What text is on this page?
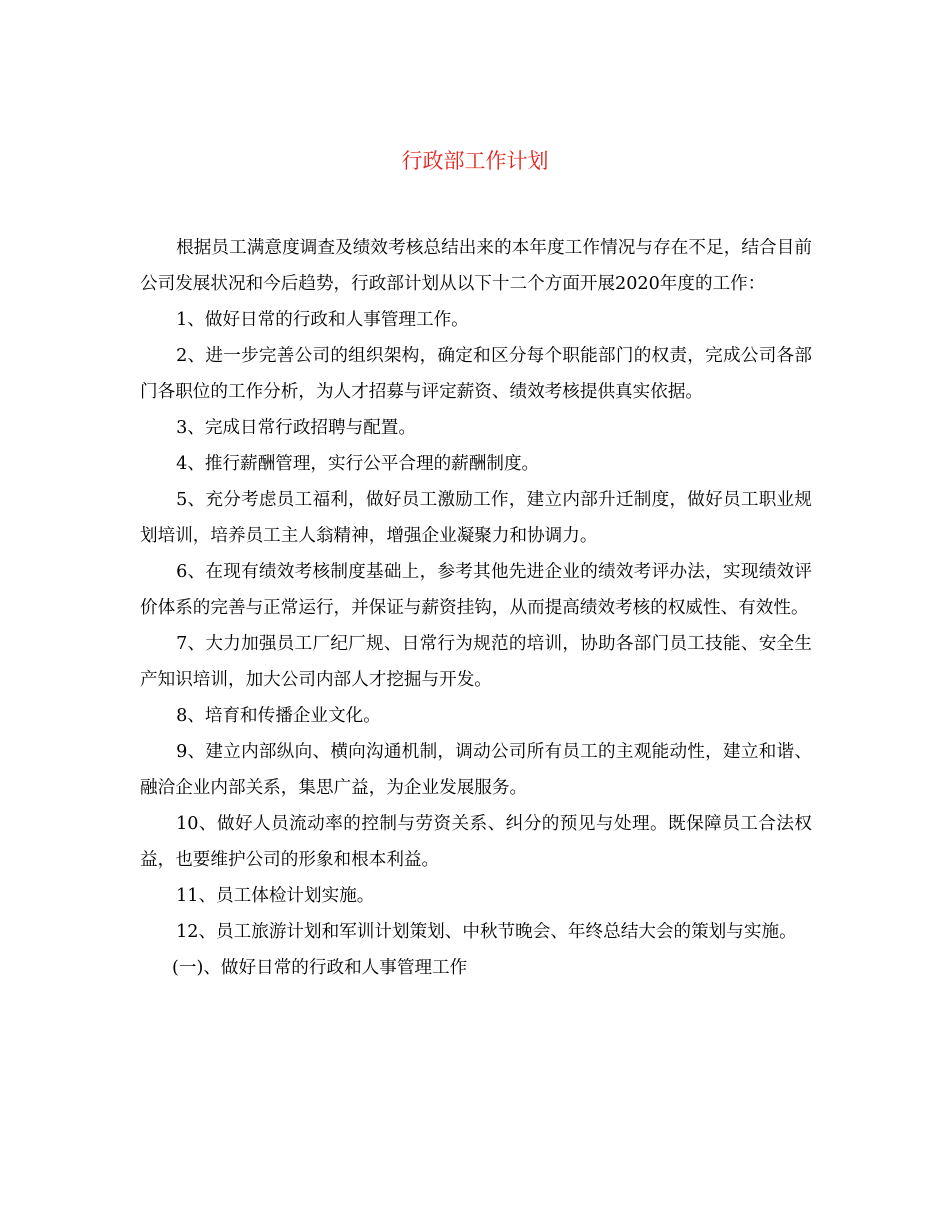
行政部工作计划

根据员工满意度调查及绩效考核总结出来的本年度工作情况与存在不足，结合目前公司发展状况和今后趋势，行政部计划从以下十二个方面开展2020年度的工作：

1、做好日常的行政和人事管理工作。

2、进一步完善公司的组织架构，确定和区分每个职能部门的权责，完成公司各部门各职位的工作分析，为人才招募与评定薪资、绩效考核提供真实依据。

3、完成日常行政招聘与配置。

4、推行薪酬管理，实行公平合理的薪酬制度。

5、充分考虑员工福利，做好员工激励工作，建立内部升迁制度，做好员工职业规划培训，培养员工主人翁精神，增强企业凝聚力和协调力。

6、在现有绩效考核制度基础上，参考其他先进企业的绩效考评办法，实现绩效评价体系的完善与正常运行，并保证与薪资挂钩，从而提高绩效考核的权威性、有效性。

7、大力加强员工厂纪厂规、日常行为规范的培训，协助各部门员工技能、安全生产知识培训，加大公司内部人才挖掘与开发。

8、培育和传播企业文化。

9、建立内部纵向、横向沟通机制，调动公司所有员工的主观能动性，建立和谐、融洽企业内部关系，集思广益，为企业发展服务。

10、做好人员流动率的控制与劳资关系、纠分的预见与处理。既保障员工合法权益，也要维护公司的形象和根本利益。

11、员工体检计划实施。

12、员工旅游计划和军训计划策划、中秋节晚会、年终总结大会的策划与实施。

(一)、做好日常的行政和人事管理工作
